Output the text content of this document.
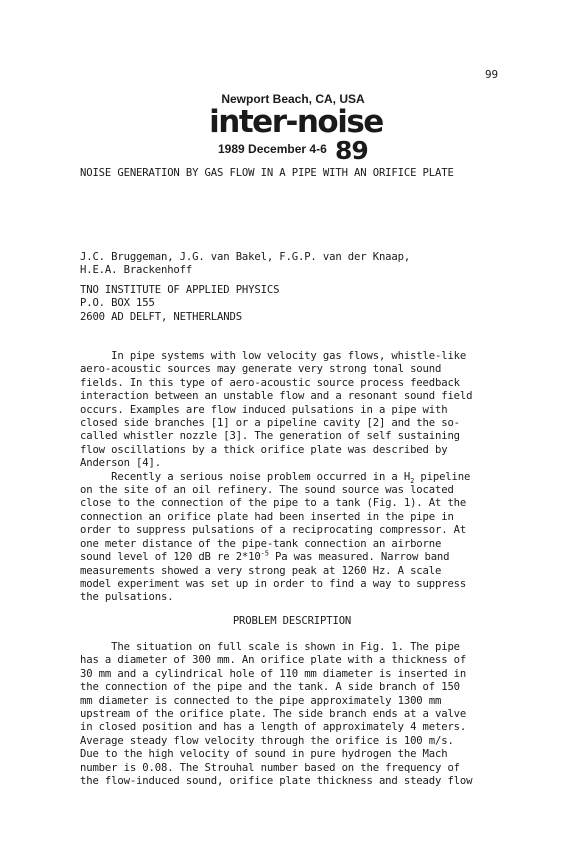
99
Newport Beach, CA, USA
inter-noise
1989 December 4-6 89
NOISE GENERATION BY GAS FLOW IN A PIPE WITH AN ORIFICE PLATE
J.C. Bruggeman, J.G. van Bakel, F.G.P. van der Knaap,
H.E.A. Brackenhoff
TNO INSTITUTE OF APPLIED PHYSICS
P.O. BOX 155
2600 AD DELFT, NETHERLANDS
In pipe systems with low velocity gas flows, whistle-like
aero-acoustic sources may generate very strong tonal sound
fields. In this type of aero-acoustic source process feedback
interaction between an unstable flow and a resonant sound field
occurs. Examples are flow induced pulsations in a pipe with
closed side branches [1] or a pipeline cavity [2] and the so-
called whistler nozzle [3]. The generation of self sustaining
flow oscillations by a thick orifice plate was described by
Anderson [4].
Recently a serious noise problem occurred in a $H_2$ pipeline
on the site of an oil refinery. The sound source was located
close to the connection of the pipe to a tank (Fig. 1). At the
connection an orifice plate had been inserted in the pipe in
order to suppress pulsations of a reciprocating compressor. At
one meter distance of the pipe-tank connection an airborne
sound level of 120 dB re $2*10^{-5}$ Pa was measured. Narrow band
measurements showed a very strong peak at 1260 Hz. A scale
model experiment was set up in order to find a way to suppress
the pulsations.
PROBLEM DESCRIPTION
The situation on full scale is shown in Fig. 1. The pipe
has a diameter of 300 mm. An orifice plate with a thickness of
30 mm and a cylindrical hole of 110 mm diameter is inserted in
the connection of the pipe and the tank. A side branch of 150
mm diameter is connected to the pipe approximately 1300 mm
upstream of the orifice plate. The side branch ends at a valve
in closed position and has a length of approximately 4 meters.
Average steady flow velocity through the orifice is 100 m/s.
Due to the high velocity of sound in pure hydrogen the Mach
number is 0.08. The Strouhal number based on the frequency of
the flow-induced sound, orifice plate thickness and steady flow
